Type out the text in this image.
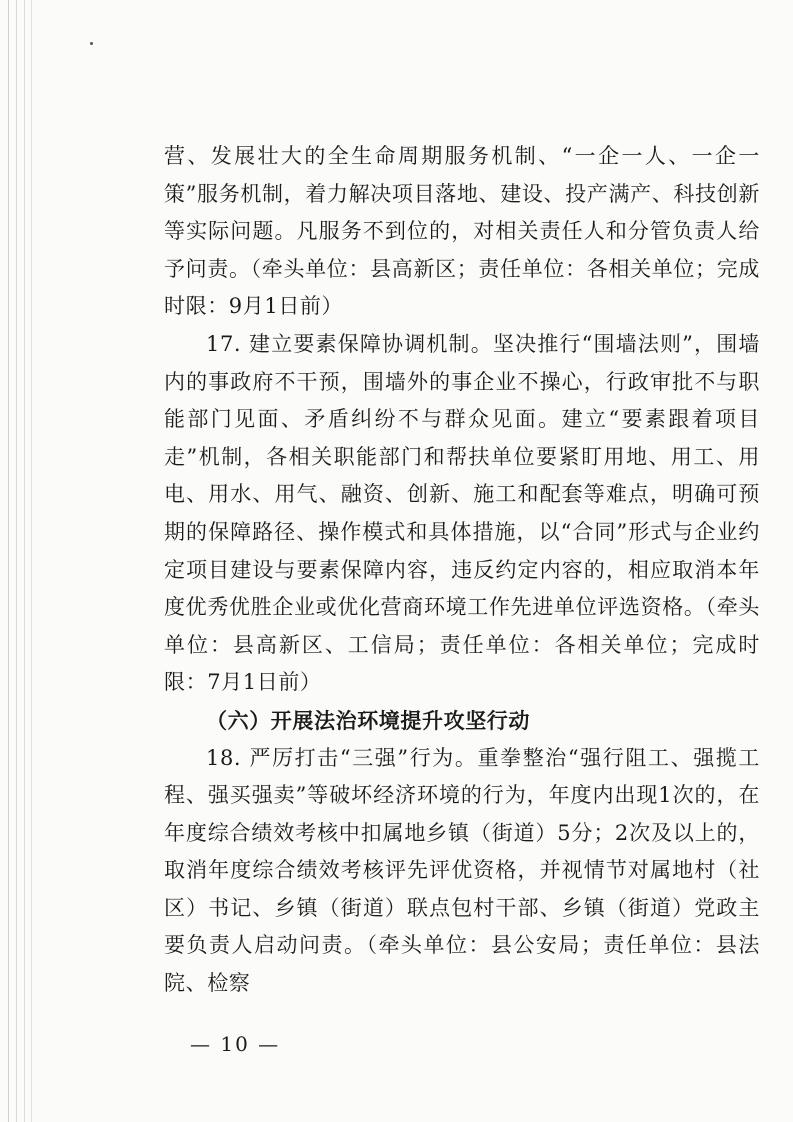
营、发展壮大的全生命周期服务机制、“一企一人、一企一策”服务机制，着力解决项目落地、建设、投产满产、科技创新等实际问题。凡服务不到位的，对相关责任人和分管负责人给予问责。（牵头单位：县高新区；责任单位：各相关单位；完成时限：9月1日前）

17. 建立要素保障协调机制。坚决推行“围墙法则”，围墙内的事政府不干预，围墙外的事企业不操心，行政审批不与职能部门见面、矛盾纠纷不与群众见面。建立“要素跟着项目走”机制，各相关职能部门和帮扶单位要紧盯用地、用工、用电、用水、用气、融资、创新、施工和配套等难点，明确可预期的保障路径、操作模式和具体措施，以“合同”形式与企业约定项目建设与要素保障内容，违反约定内容的，相应取消本年度优秀优胜企业或优化营商环境工作先进单位评选资格。（牵头单位：县高新区、工信局；责任单位：各相关单位；完成时限：7月1日前）

（六）开展法治环境提升攻坚行动

18. 严厉打击“三强”行为。重拳整治“强行阻工、强揽工程、强买强卖”等破坏经济环境的行为，年度内出现1次的，在年度综合绩效考核中扣属地乡镇（街道）5分；2次及以上的，取消年度综合绩效考核评先评优资格，并视情节对属地村（社区）书记、乡镇（街道）联点包村干部、乡镇（街道）党政主要负责人启动问责。（牵头单位：县公安局；责任单位：县法院、检察

— 10 —
